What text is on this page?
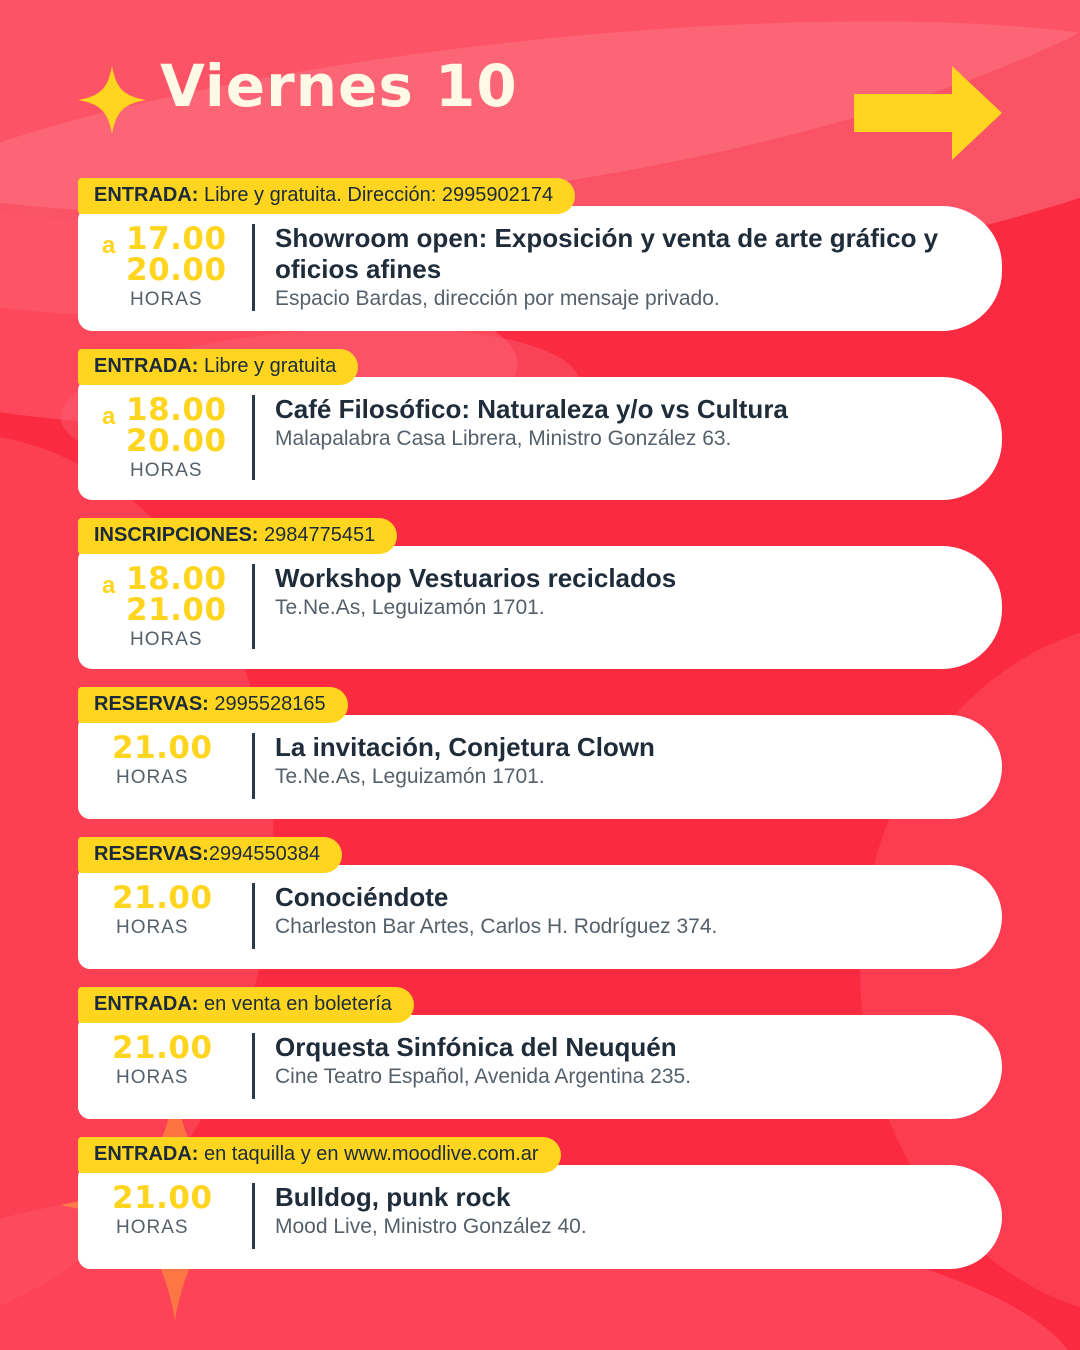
Viernes 10
ENTRADA: Libre y gratuita. Dirección: 2995902174
a 17.00
20.00
HORAS
Showroom open: Exposición y venta de arte gráfico y oficios afines
Espacio Bardas, dirección por mensaje privado.
ENTRADA: Libre y gratuita
a 18.00
20.00
HORAS
Café Filosófico: Naturaleza y/o vs Cultura
Malapalabra Casa Librera, Ministro González 63.
INSCRIPCIONES: 2984775451
a 18.00
21.00
HORAS
Workshop Vestuarios reciclados
Te.Ne.As, Leguizamón 1701.
RESERVAS: 2995528165
21.00
HORAS
La invitación, Conjetura Clown
Te.Ne.As, Leguizamón 1701.
RESERVAS:2994550384
21.00
HORAS
Conociéndote
Charleston Bar Artes, Carlos H. Rodríguez 374.
ENTRADA: en venta en boletería
21.00
HORAS
Orquesta Sinfónica del Neuquén
Cine Teatro Español, Avenida Argentina 235.
ENTRADA: en taquilla y en www.moodlive.com.ar
21.00
HORAS
Bulldog, punk rock
Mood Live, Ministro González 40.
